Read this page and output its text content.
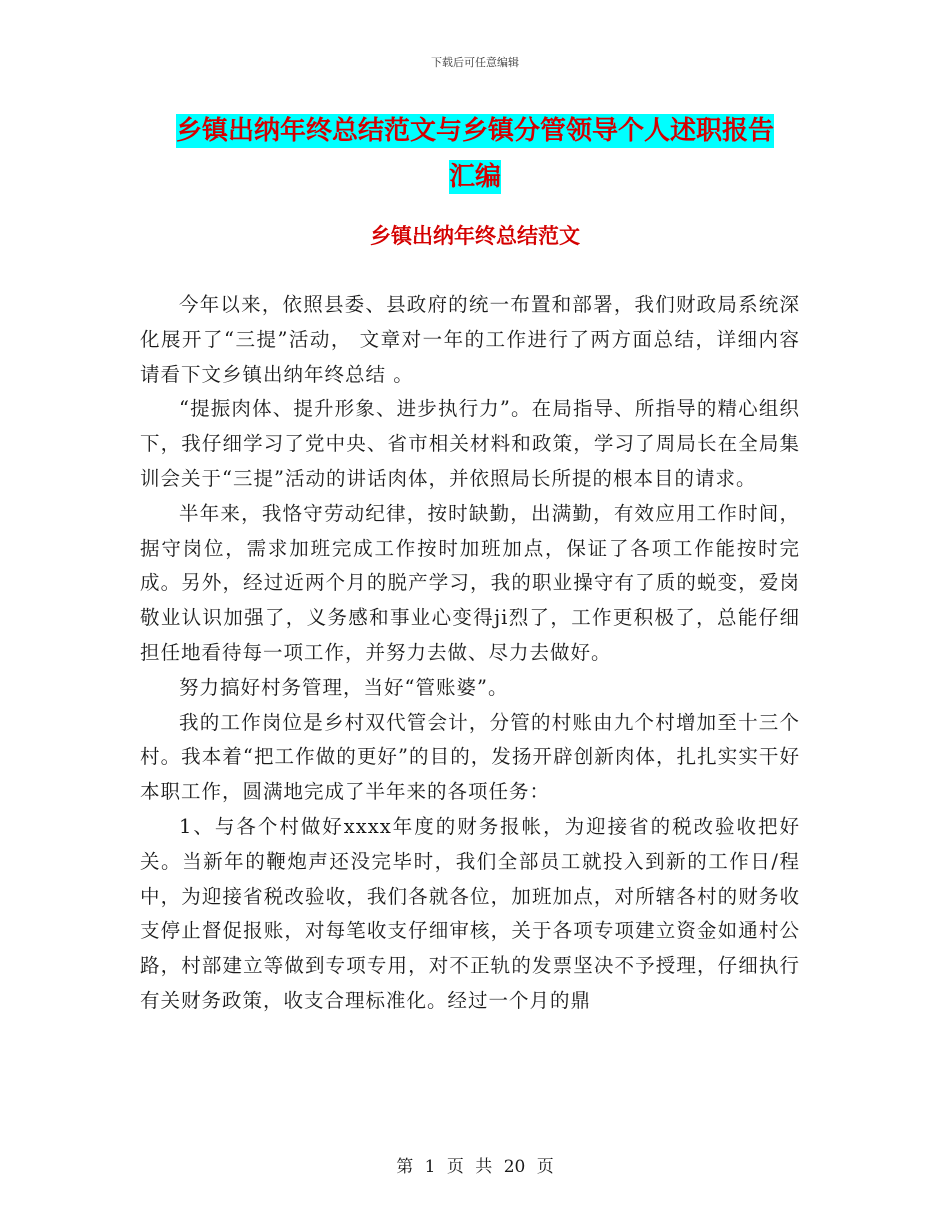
下载后可任意编辑
乡镇出纳年终总结范文与乡镇分管领导个人述职报告
汇编
乡镇出纳年终总结范文

今年以来，依照县委、县政府的统一布置和部署，我们财政局系统深化展开了“三提”活动， 文章对一年的工作进行了两方面总结，详细内容请看下文乡镇出纳年终总结 。

“提振肉体、提升形象、进步执行力”。在局指导、所指导的精心组织下，我仔细学习了党中央、省市相关材料和政策，学习了周局长在全局集训会关于“三提”活动的讲话肉体，并依照局长所提的根本目的请求。

半年来，我恪守劳动纪律，按时缺勤，出满勤，有效应用工作时间，据守岗位，需求加班完成工作按时加班加点，保证了各项工作能按时完成。另外，经过近两个月的脱产学习，我的职业操守有了质的蜕变，爱岗敬业认识加强了，义务感和事业心变得ji烈了，工作更积极了，总能仔细担任地看待每一项工作，并努力去做、尽力去做好。

努力搞好村务管理，当好“管账婆”。

我的工作岗位是乡村双代管会计，分管的村账由九个村增加至十三个村。我本着“把工作做的更好”的目的，发扬开辟创新肉体，扎扎实实干好本职工作，圆满地完成了半年来的各项任务：

1、与各个村做好xxxx年度的财务报帐，为迎接省的税改验收把好关。当新年的鞭炮声还没完毕时，我们全部员工就投入到新的工作日/程中，为迎接省税改验收，我们各就各位，加班加点，对所辖各村的财务收支停止督促报账，对每笔收支仔细审核，关于各项专项建立资金如通村公路，村部建立等做到专项专用，对不正轨的发票坚决不予授理，仔细执行有关财务政策，收支合理标准化。经过一个月的鼎

第 1 页 共 20 页
